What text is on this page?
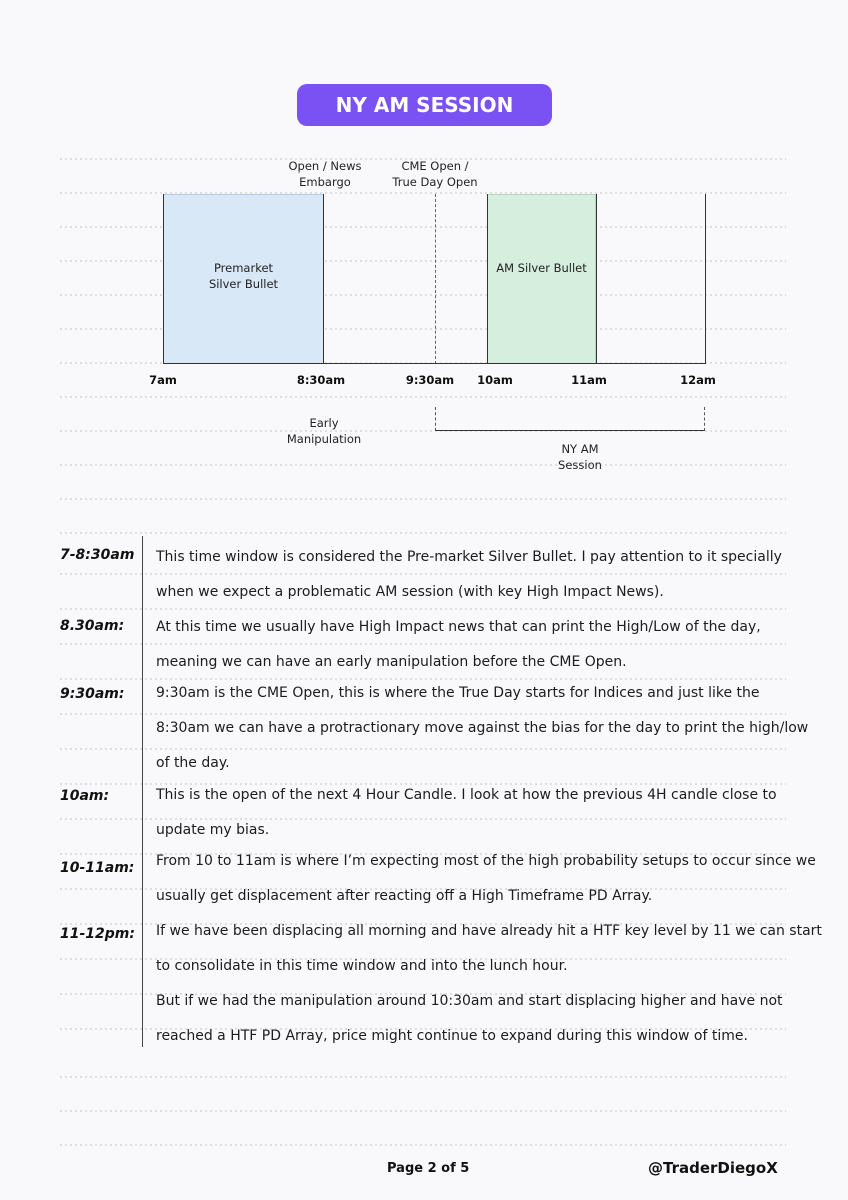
NY AM SESSION
Open / News
Embargo
CME Open /
True Day Open
Premarket
Silver Bullet
AM Silver Bullet
7am	8:30am	9:30am 10am	11am	12am
Early
Manipulation
NY AM
Session
7-8:30am This time window is considered the Pre-market Silver Bullet. I pay attention to it specially
when we expect a problematic AM session (with key High Impact News).
8.30am: At this time we usually have High Impact news that can print the High/Low of the day,
meaning we can have an early manipulation before the CME Open.
9:30am: 9:30am is the CME Open, this is where the True Day starts for Indices and just like the
8:30am we can have a protractionary move against the bias for the day to print the high/low
of the day.
10am:	This is the open of the next 4 Hour Candle. I look at how the previous 4H candle close to
update my bias.
10-11am: From 10 to 11am is where I’m expecting most of the high probability setups to occur since we
usually get displacement after reacting off a High Timeframe PD Array.
11-12pm: If we have been displacing all morning and have already hit a HTF key level by 11 we can start
to consolidate in this time window and into the lunch hour.
But if we had the manipulation around 10:30am and start displacing higher and have not
reached a HTF PD Array, price might continue to expand during this window of time.
Page 2 of 5	@TraderDiegoX
